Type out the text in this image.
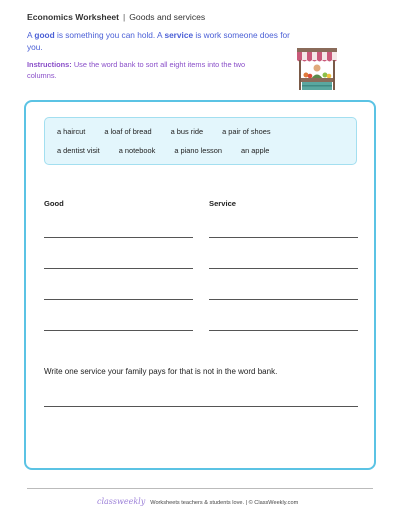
Economics Worksheet | Goods and services
A good is something you can hold. A service is work someone does for you.
Instructions: Use the word bank to sort all eight items into the two columns.
a haircut	a loaf of bread	a bus ride	a pair of shoes
a dentist visit	a notebook	a piano lesson	an apple
Good	Service
Write one service your family pays for that is not in the word bank.
classweekly Worksheets teachers & students love. | © ClassWeekly.com
